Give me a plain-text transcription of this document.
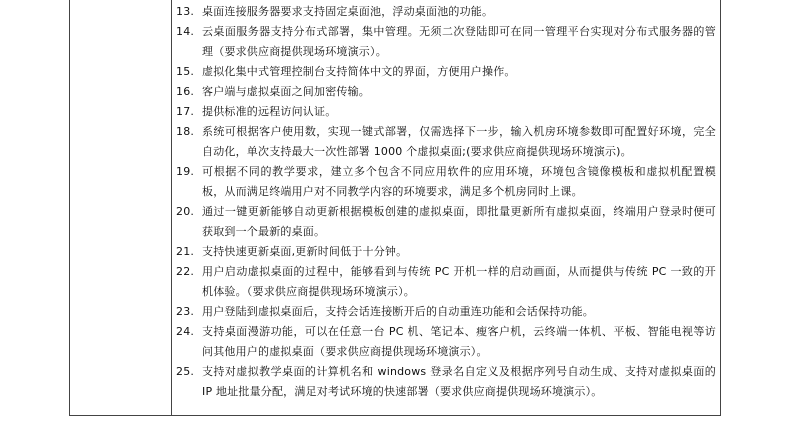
13. 桌面连接服务器要求支持固定桌面池，浮动桌面池的功能。
14. 云桌面服务器支持分布式部署，集中管理。无须二次登陆即可在同一管理平台实现对分布式服务器的管理（要求供应商提供现场环境演示）。
15. 虚拟化集中式管理控制台支持简体中文的界面，方便用户操作。
16. 客户端与虚拟桌面之间加密传输。
17. 提供标准的远程访问认证。
18. 系统可根据客户使用数，实现一键式部署，仅需选择下一步，输入机房环境参数即可配置好环境，完全自动化，单次支持最大一次性部署 1000 个虚拟桌面;(要求供应商提供现场环境演示)。
19. 可根据不同的教学要求，建立多个包含不同应用软件的应用环境，环境包含镜像模板和虚拟机配置模板，从而满足终端用户对不同教学内容的环境要求，满足多个机房同时上课。
20. 通过一键更新能够自动更新根据模板创建的虚拟桌面，即批量更新所有虚拟桌面，终端用户登录时便可获取到一个最新的桌面。
21. 支持快速更新桌面,更新时间低于十分钟。
22. 用户启动虚拟桌面的过程中，能够看到与传统 PC 开机一样的启动画面，从而提供与传统 PC 一致的开机体验。（要求供应商提供现场环境演示）。
23. 用户登陆到虚拟桌面后，支持会话连接断开后的自动重连功能和会话保持功能。
24. 支持桌面漫游功能，可以在任意一台 PC 机、笔记本、瘦客户机，云终端一体机、平板、智能电视等访问其他用户的虚拟桌面（要求供应商提供现场环境演示）。
25. 支持对虚拟教学桌面的计算机名和 windows 登录名自定义及根据序列号自动生成、支持对虚拟桌面的 IP 地址批量分配，满足对考试环境的快速部署（要求供应商提供现场环境演示）。
